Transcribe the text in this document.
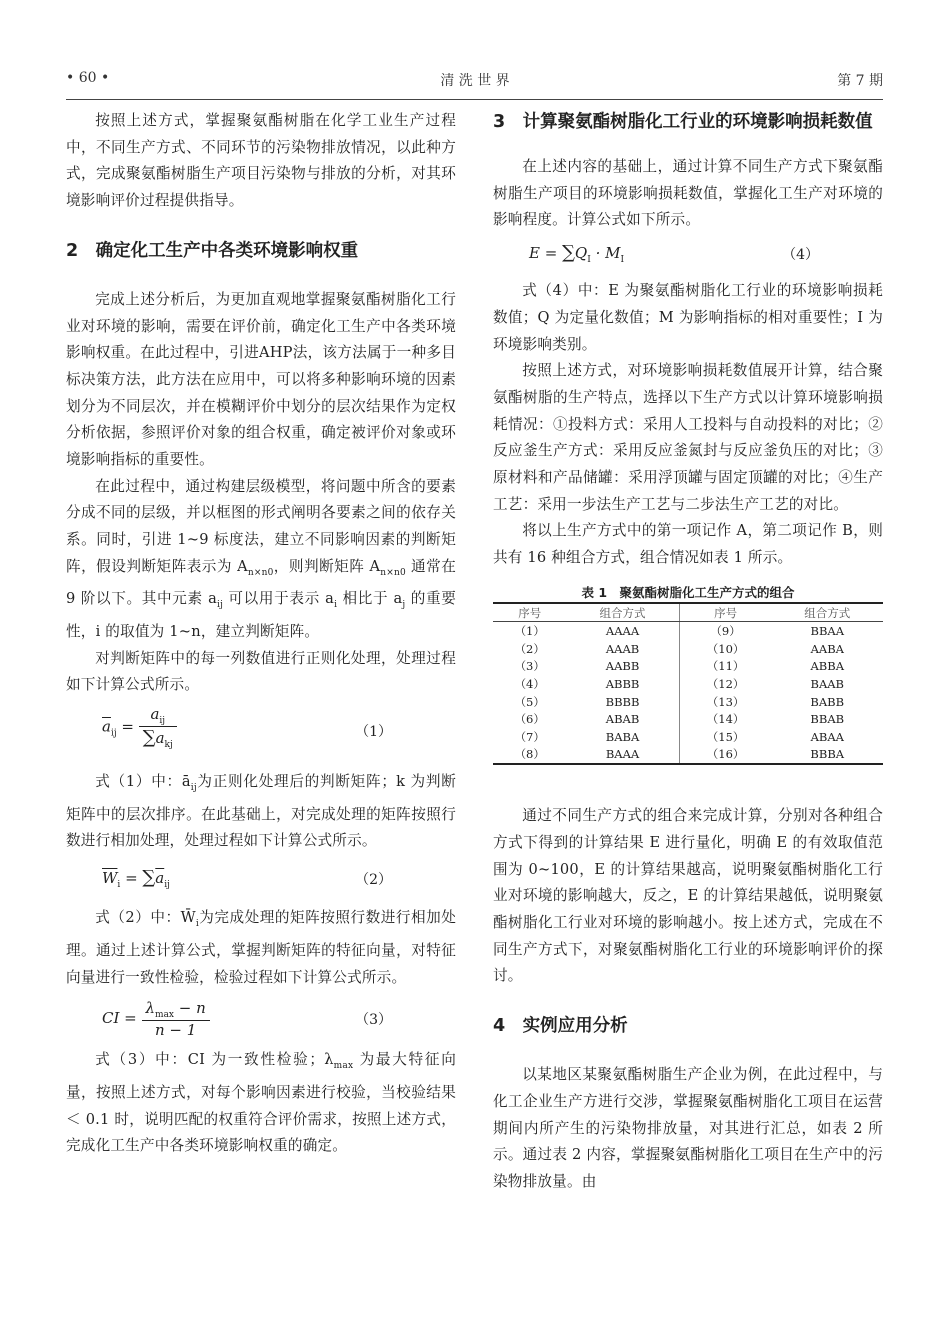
• 60 •	清 洗 世 界	第 7 期

按照上述方式，掌握聚氨酯树脂在化学工业生产过程中，不同生产方式、不同环节的污染物排放情况，以此种方式，完成聚氨酯树脂生产项目污染物与排放的分析，对其环境影响评价过程提供指导。

2　确定化工生产中各类环境影响权重

完成上述分析后，为更加直观地掌握聚氨酯树脂化工行业对环境的影响，需要在评价前，确定化工生产中各类环境影响权重。在此过程中，引进AHP法，该方法属于一种多目标决策方法，此方法在应用中，可以将多种影响环境的因素划分为不同层次，并在模糊评价中划分的层次结果作为定权分析依据，参照评价对象的组合权重，确定被评价对象或环境影响指标的重要性。

在此过程中，通过构建层级模型，将问题中所含的要素分成不同的层级，并以框图的形式阐明各要素之间的依存关系。同时，引进 1~9 标度法，建立不同影响因素的判断矩阵，假设判断矩阵表示为 $A_{n\times n0}$，则判断矩阵 $A_{n\times n0}$ 通常在 9 阶以下。其中元素 $a_{ij}$ 可以用于表示 $a_i$ 相比于 $a_j$ 的重要性，i 的取值为 1~n，建立判断矩阵。

对判断矩阵中的每一列数值进行正则化处理，处理过程如下计算公式所示。

$\overline{a}_{ij} = \frac{a_{ij}}{\sum a_{kj}}$	（1）

式（1）中：$ā_{ij}$为正则化处理后的判断矩阵；k 为判断矩阵中的层次排序。在此基础上，对完成处理的矩阵按照行数进行相加处理，处理过程如下计算公式所示。

$\overline{W}_i = \sum\overline{a}_{ij}$	（2）

式（2）中：$W̄_i$为完成处理的矩阵按照行数进行相加处理。通过上述计算公式，掌握判断矩阵的特征向量，对特征向量进行一致性检验，检验过程如下计算公式所示。

CI = $\frac{\lambda_{max} - n}{n - 1}$	（3）

式（3）中：CI 为一致性检验；$\lambda_{max}$ 为最大特征向量，按照上述方式，对每个影响因素进行校验，当校验结果＜ 0.1 时，说明匹配的权重符合评价需求，按照上述方式，完成化工生产中各类环境影响权重的确定。

3　计算聚氨酯树脂化工行业的环境影响损耗数值

在上述内容的基础上，通过计算不同生产方式下聚氨酯树脂生产项目的环境影响损耗数值，掌握化工生产对环境的影响程度。计算公式如下所示。

$E = \sum Q_I \cdot M_I$	（4）

式（4）中：E 为聚氨酯树脂化工行业的环境影响损耗数值；Q 为定量化数值；M 为影响指标的相对重要性；I 为环境影响类别。

按照上述方式，对环境影响损耗数值展开计算，结合聚氨酯树脂的生产特点，选择以下生产方式以计算环境影响损耗情况：①投料方式：采用人工投料与自动投料的对比；②反应釜生产方式：采用反应釜氮封与反应釜负压的对比；③原材料和产品储罐：采用浮顶罐与固定顶罐的对比；④生产工艺：采用一步法生产工艺与二步法生产工艺的对比。

将以上生产方式中的第一项记作 A，第二项记作 B，则共有 16 种组合方式，组合情况如表 1 所示。

表 1　聚氨酯树脂化工生产方式的组合
序号	组合方式	序号	组合方式
（1）	AAAA	（9）	BBAA
（2）	AAAB	（10）	AABA
（3）	AABB	（11）	ABBA
（4）	ABBB	（12）	BAAB
（5）	BBBB	（13）	BABB
（6）	ABAB	（14）	BBAB
（7）	BABA	（15）	ABAA
（8）	BAAA	（16）	BBBA

通过不同生产方式的组合来完成计算，分别对各种组合方式下得到的计算结果 E 进行量化，明确 E 的有效取值范围为 0~100，E 的计算结果越高，说明聚氨酯树脂化工行业对环境的影响越大，反之，E 的计算结果越低，说明聚氨酯树脂化工行业对环境的影响越小。按上述方式，完成在不同生产方式下，对聚氨酯树脂化工行业的环境影响评价的探讨。

4　实例应用分析

以某地区某聚氨酯树脂生产企业为例，在此过程中，与化工企业生产方进行交涉，掌握聚氨酯树脂化工项目在运营期间内所产生的污染物排放量，对其进行汇总，如表 2 所示。通过表 2 内容，掌握聚氨酯树脂化工项目在生产中的污染物排放量。由
